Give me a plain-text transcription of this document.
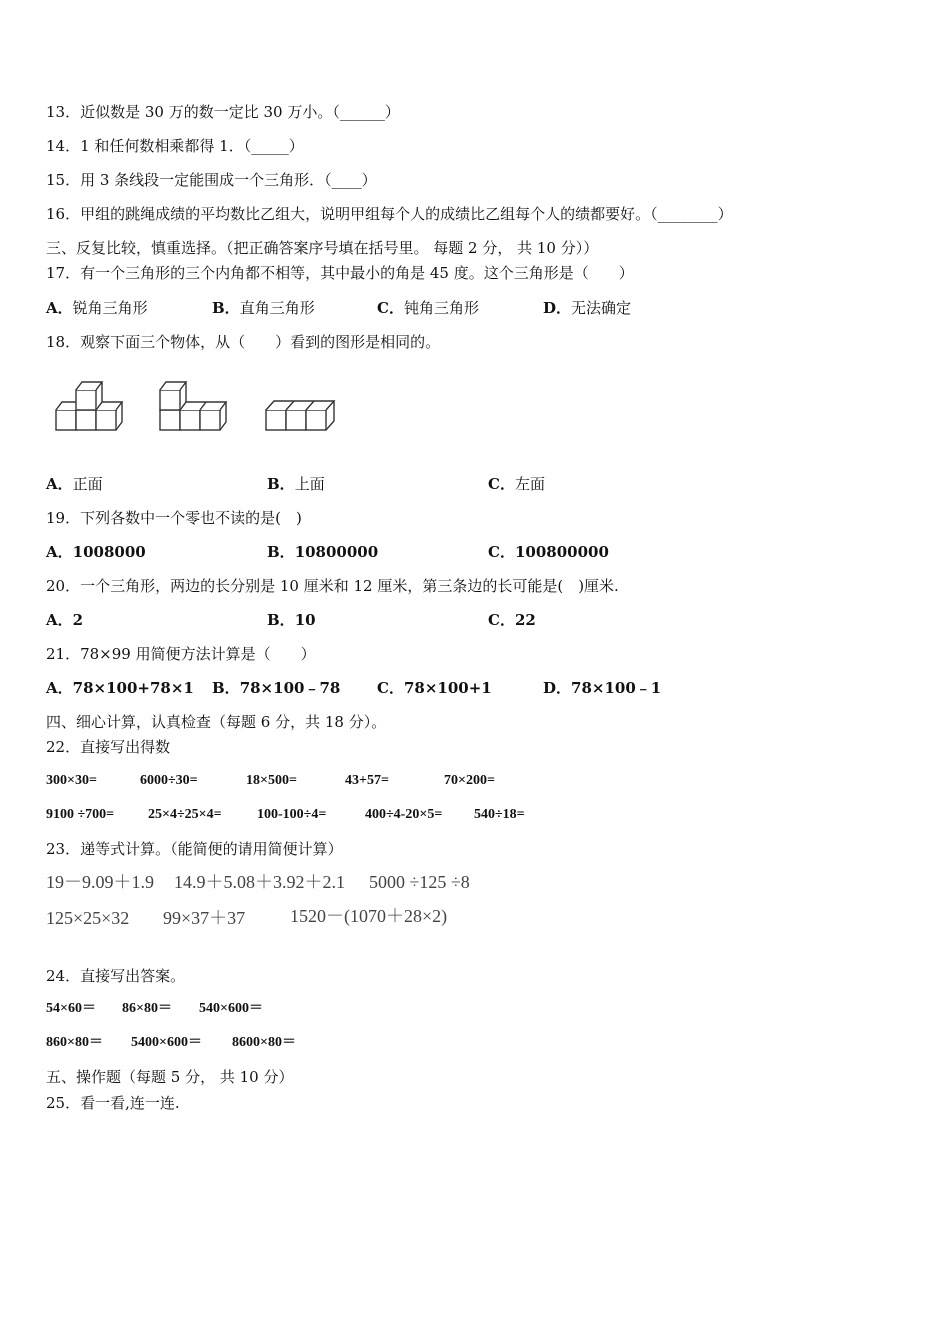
13．近似数是 30 万的数一定比 30 万小。（______）
14．1 和任何数相乘都得 1．（_____）
15．用 3 条线段一定能围成一个三角形．（____）
16．甲组的跳绳成绩的平均数比乙组大，说明甲组每个人的成绩比乙组每个人的绩都要好。（________）
三、反复比较，慎重选择。（把正确答案序号填在括号里。 每题 2 分， 共 10 分））
17．有一个三角形的三个内角都不相等，其中最小的角是 45 度。这个三角形是（　　）
A．锐角三角形	B．直角三角形	C．钝角三角形	D．无法确定
18．观察下面三个物体，从（　　）看到的图形是相同的。
A．正面	B．上面	C．左面
19．下列各数中一个零也不读的是(　)
A．1008000	B．10800000	C．100800000
20．一个三角形，两边的长分别是 10 厘米和 12 厘米，第三条边的长可能是(　)厘米.
A．2	B．10	C．22
21．78×99 用简便方法计算是（　　）
A．78×100+78×1 B．78×100﹣78 C．78×100+1	D．78×100﹣1
四、细心计算，认真检查（每题 6 分，共 18 分）。
22．直接写出得数
300×30=	6000÷30=	18×500=	43+57=	70×200=
9100 ÷700= 25×4÷25×4=	100-100÷4=	400÷4-20×5= 540÷18=
23．递等式计算。（能简便的请用简便计算）
19－9.09＋1.9 14.9＋5.08＋3.92＋2.1 5000 ÷125 ÷8
125×25×32 99×37＋37 1520－(1070＋28×2)
24．直接写出答案。
54×60＝ 86×80＝ 540×600＝
860×80＝ 5400×600＝ 8600×80＝
五、操作题（每题 5 分， 共 10 分）
25．看一看,连一连.
